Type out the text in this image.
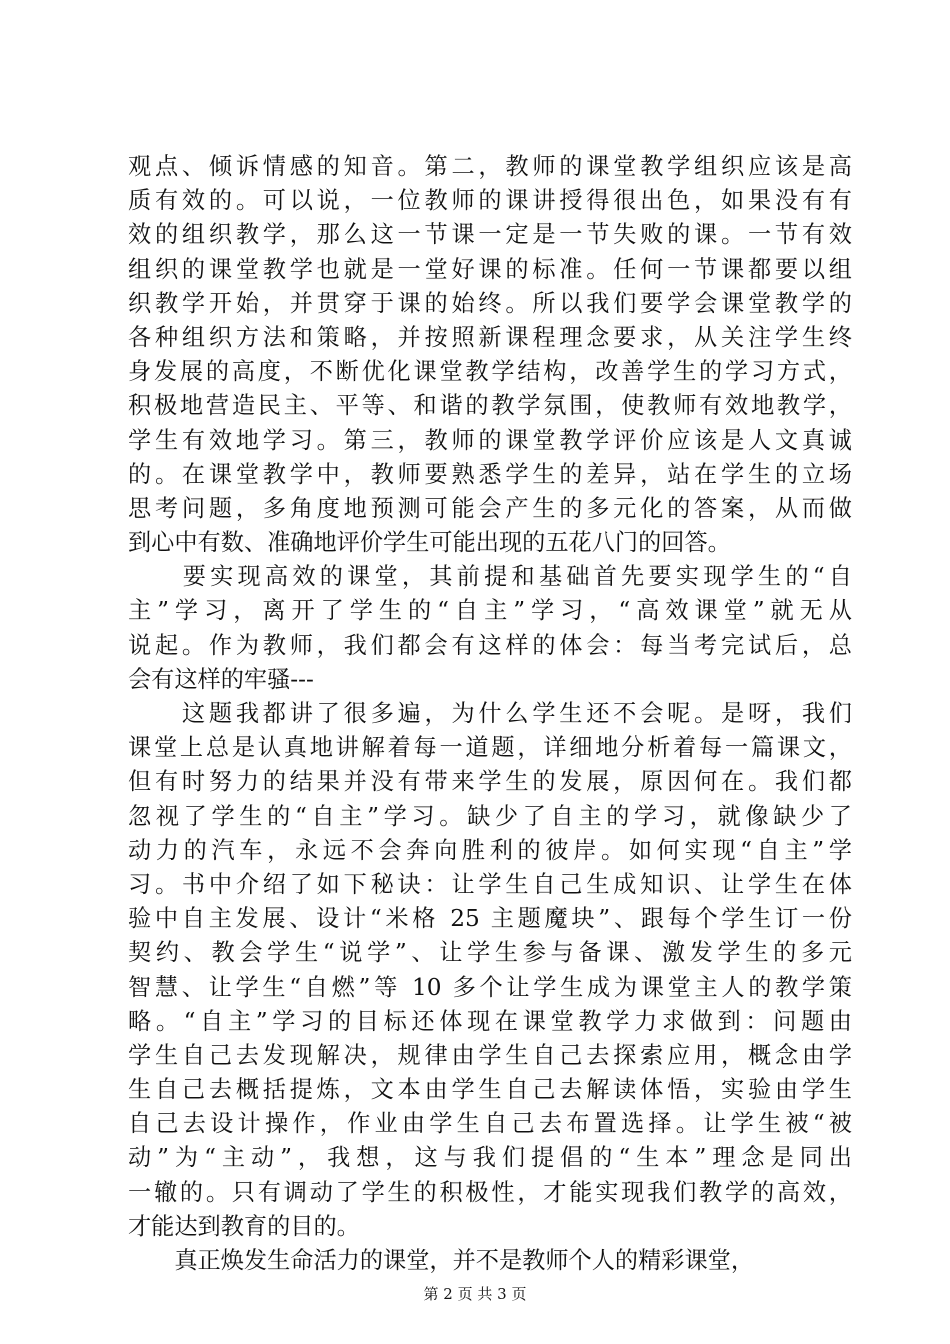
观点、倾诉情感的知音。第二，教师的课堂教学组织应该是高
质有效的。可以说，一位教师的课讲授得很出色，如果没有有
效的组织教学，那么这一节课一定是一节失败的课。一节有效
组织的课堂教学也就是一堂好课的标准。任何一节课都要以组
织教学开始，并贯穿于课的始终。所以我们要学会课堂教学的
各种组织方法和策略，并按照新课程理念要求，从关注学生终
身发展的高度，不断优化课堂教学结构，改善学生的学习方式，
积极地营造民主、平等、和谐的教学氛围，使教师有效地教学，
学生有效地学习。第三，教师的课堂教学评价应该是人文真诚
的。在课堂教学中，教师要熟悉学生的差异，站在学生的立场
思考问题，多角度地预测可能会产生的多元化的答案，从而做
到心中有数、准确地评价学生可能出现的五花八门的回答。
　　要实现高效的课堂，其前提和基础首先要实现学生的“自
主”学习，离开了学生的“自主”学习，“高效课堂”就无从
说起。作为教师，我们都会有这样的体会：每当考完试后，总
会有这样的牢骚---
　　这题我都讲了很多遍，为什么学生还不会呢。是呀，我们
课堂上总是认真地讲解着每一道题，详细地分析着每一篇课文，
但有时努力的结果并没有带来学生的发展，原因何在。我们都
忽视了学生的“自主”学习。缺少了自主的学习，就像缺少了
动力的汽车，永远不会奔向胜利的彼岸。如何实现“自主”学
习。书中介绍了如下秘诀：让学生自己生成知识、让学生在体
验中自主发展、设计“米格 25 主题魔块”、跟每个学生订一份
契约、教会学生“说学”、让学生参与备课、激发学生的多元
智慧、让学生“自燃”等 10 多个让学生成为课堂主人的教学策
略。“自主”学习的目标还体现在课堂教学力求做到：问题由
学生自己去发现解决，规律由学生自己去探索应用，概念由学
生自己去概括提炼，文本由学生自己去解读体悟，实验由学生
自己去设计操作，作业由学生自己去布置选择。让学生被“被
动”为“主动”，我想，这与我们提倡的“生本”理念是同出
一辙的。只有调动了学生的积极性，才能实现我们教学的高效，
才能达到教育的目的。
　　真正焕发生命活力的课堂，并不是教师个人的精彩课堂，
第 2 页 共 3 页
